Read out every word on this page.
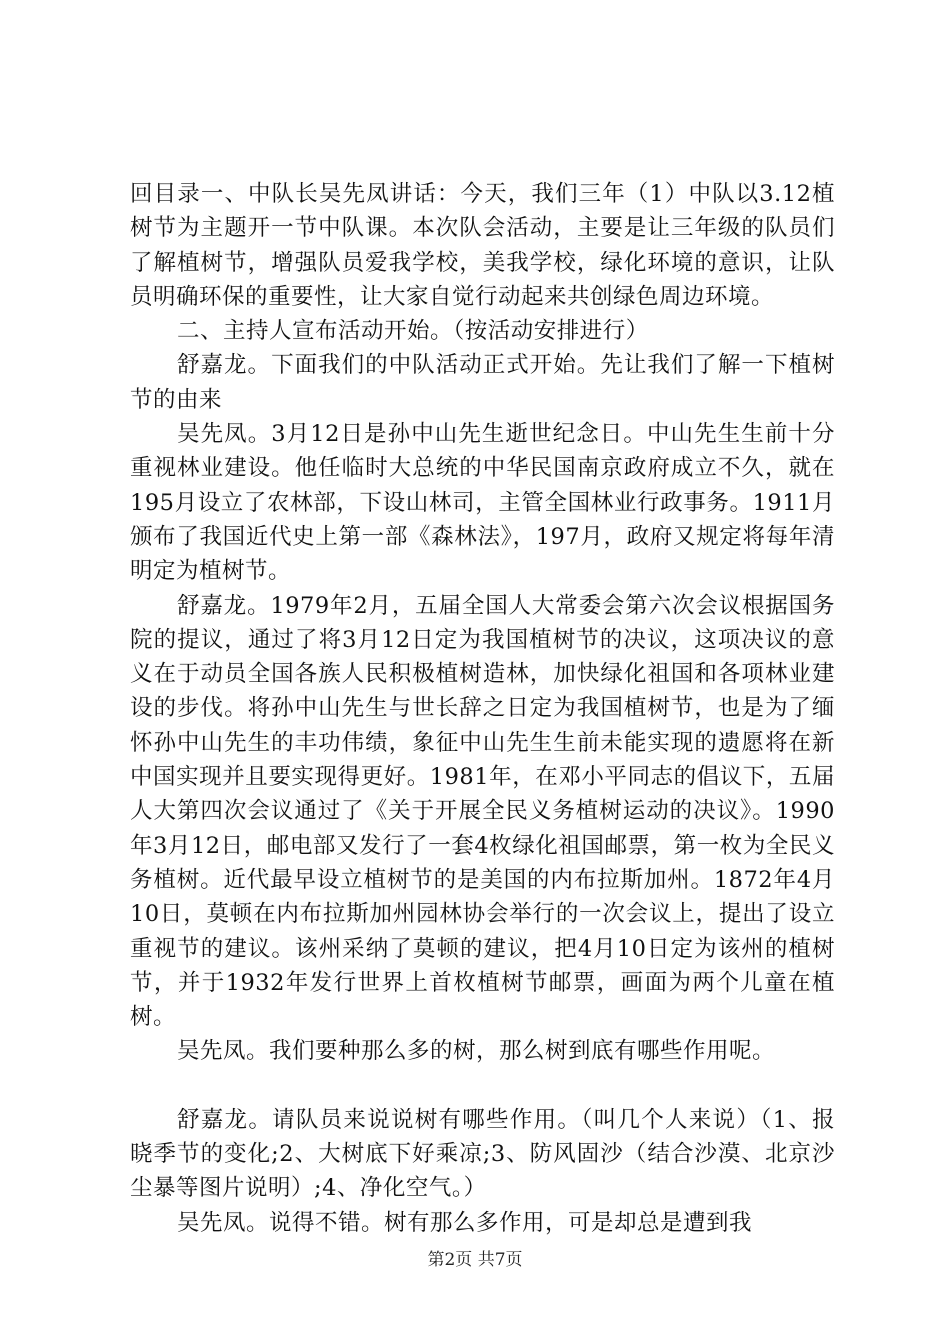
回目录一、中队长吴先凤讲话：今天，我们三年（1）中队以3.12植树节为主题开一节中队课。本次队会活动，主要是让三年级的队员们了解植树节，增强队员爱我学校，美我学校，绿化环境的意识，让队员明确环保的重要性，让大家自觉行动起来共创绿色周边环境。

二、主持人宣布活动开始。（按活动安排进行）

舒嘉龙。下面我们的中队活动正式开始。先让我们了解一下植树节的由来

吴先凤。3月12日是孙中山先生逝世纪念日。中山先生生前十分重视林业建设。他任临时大总统的中华民国南京政府成立不久，就在195月设立了农林部，下设山林司，主管全国林业行政事务。1911月颁布了我国近代史上第一部《森林法》，197月，政府又规定将每年清明定为植树节。

舒嘉龙。1979年2月，五届全国人大常委会第六次会议根据国务院的提议，通过了将3月12日定为我国植树节的决议，这项决议的意义在于动员全国各族人民积极植树造林，加快绿化祖国和各项林业建设的步伐。将孙中山先生与世长辞之日定为我国植树节，也是为了缅怀孙中山先生的丰功伟绩，象征中山先生生前未能实现的遗愿将在新中国实现并且要实现得更好。1981年，在邓小平同志的倡议下，五届人大第四次会议通过了《关于开展全民义务植树运动的决议》。1990年3月12日，邮电部又发行了一套4枚绿化祖国邮票，第一枚为全民义务植树。近代最早设立植树节的是美国的内布拉斯加州。1872年4月10日，莫顿在内布拉斯加州园林协会举行的一次会议上，提出了设立重视节的建议。该州采纳了莫顿的建议，把4月10日定为该州的植树节，并于1932年发行世界上首枚植树节邮票，画面为两个儿童在植树。

吴先凤。我们要种那么多的树，那么树到底有哪些作用呢。

舒嘉龙。请队员来说说树有哪些作用。（叫几个人来说）（1、报晓季节的变化;2、大树底下好乘凉;3、防风固沙（结合沙漠、北京沙尘暴等图片说明）;4、净化空气。）

吴先凤。说得不错。树有那么多作用，可是却总是遭到我

第2页 共7页
